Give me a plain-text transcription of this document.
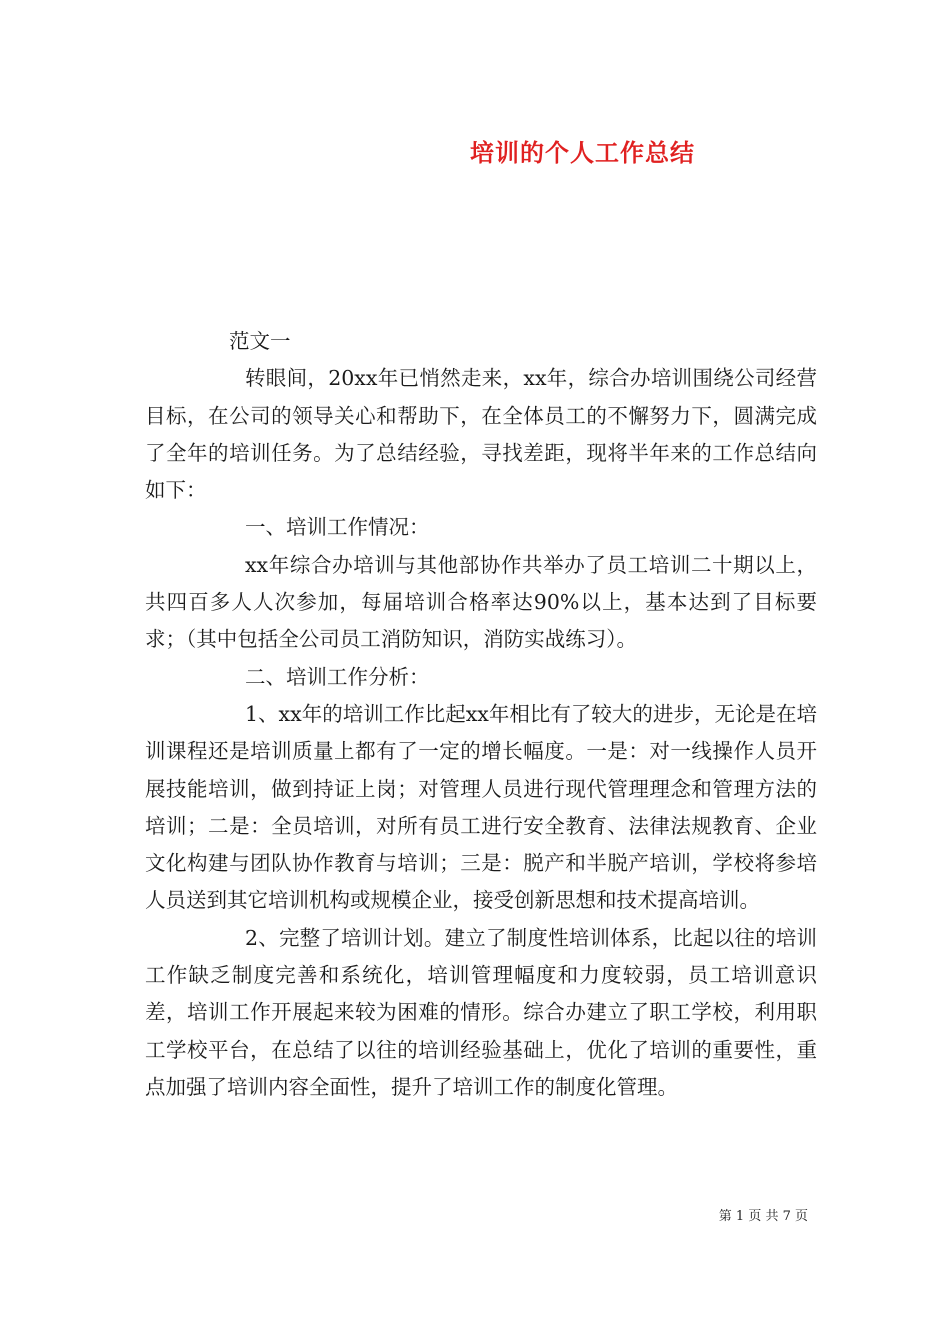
培训的个人工作总结

范文一

转眼间，20xx年已悄然走来，xx年，综合办培训围绕公司经营目标，在公司的领导关心和帮助下，在全体员工的不懈努力下，圆满完成了全年的培训任务。为了总结经验，寻找差距，现将半年来的工作总结向如下：

一、培训工作情况：

xx年综合办培训与其他部协作共举办了员工培训二十期以上，共四百多人人次参加，每届培训合格率达90%以上，基本达到了目标要求；（其中包括全公司员工消防知识，消防实战练习）。

二、培训工作分析：

1、xx年的培训工作比起xx年相比有了较大的进步，无论是在培训课程还是培训质量上都有了一定的增长幅度。一是：对一线操作人员开展技能培训，做到持证上岗；对管理人员进行现代管理理念和管理方法的培训；二是：全员培训，对所有员工进行安全教育、法律法规教育、企业文化构建与团队协作教育与培训；三是：脱产和半脱产培训，学校将参培人员送到其它培训机构或规模企业，接受创新思想和技术提高培训。

2、完整了培训计划。建立了制度性培训体系，比起以往的培训工作缺乏制度完善和系统化，培训管理幅度和力度较弱，员工培训意识差，培训工作开展起来较为困难的情形。综合办建立了职工学校，利用职工学校平台，在总结了以往的培训经验基础上，优化了培训的重要性，重点加强了培训内容全面性，提升了培训工作的制度化管理。

第 1 页 共 7 页
